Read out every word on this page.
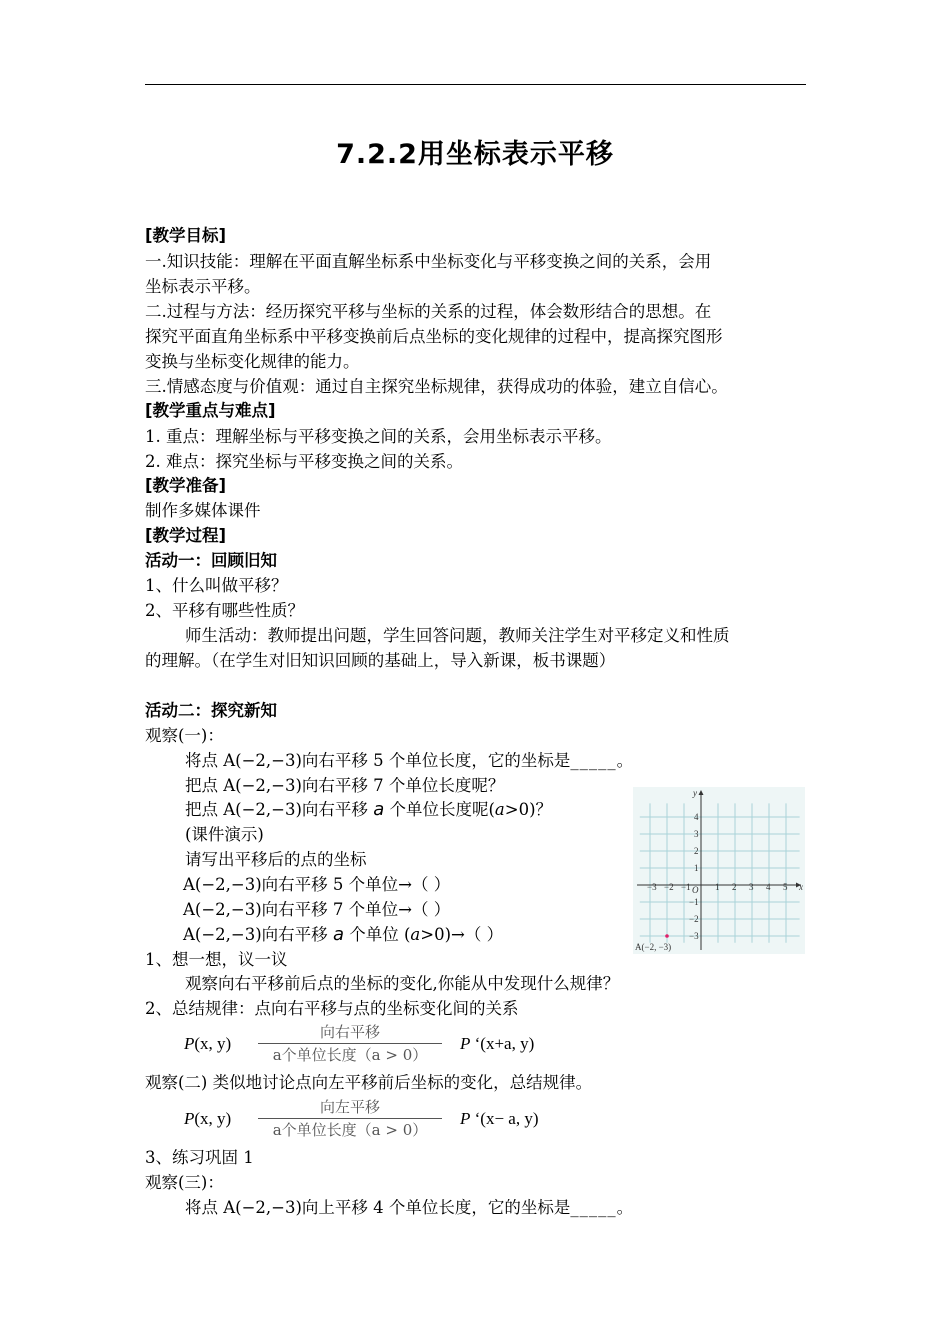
7.2.2用坐标表示平移
[教学目标]
一.知识技能：理解在平面直解坐标系中坐标变化与平移变换之间的关系，会用
坐标表示平移。
二.过程与方法：经历探究平移与坐标的关系的过程，体会数形结合的思想。在
探究平面直角坐标系中平移变换前后点坐标的变化规律的过程中，提高探究图形
变换与坐标变化规律的能力。
三.情感态度与价值观：通过自主探究坐标规律，获得成功的体验，建立自信心。
[教学重点与难点]
1. 重点：理解坐标与平移变换之间的关系，会用坐标表示平移。
2. 难点：探究坐标与平移变换之间的关系。
[教学准备]
制作多媒体课件
[教学过程]
活动一：回顾旧知
1、什么叫做平移？
2、平移有哪些性质？
师生活动：教师提出问题，学生回答问题，教师关注学生对平移定义和性质
的理解。（在学生对旧知识回顾的基础上，导入新课，板书课题）
活动二：探究新知
观察(一)：
将点 A(−2,−3)向右平移 5 个单位长度，它的坐标是_____。
把点 A(−2,−3)向右平移 7 个单位长度呢？
把点 A(−2,−3)向右平移 a 个单位长度呢(a>0)？
(课件演示)
请写出平移后的点的坐标
A(−2,−3)向右平移 5 个单位→（ ）
A(−2,−3)向右平移 7 个单位→（ ）
A(−2,−3)向右平移 a 个单位 (a>0)→（ ）
1、想一想，议一议
观察向右平移前后点的坐标的变化,你能从中发现什么规律？
2、总结规律：点向右平移与点的坐标变化间的关系
P(x, y)
向右平移
a个单位长度（a > 0）
P ‘(x+a, y)
观察(二) 类似地讨论点向左平移前后坐标的变化，总结规律。
P(x, y)
向左平移
a个单位长度（a > 0）
P ‘(x− a, y)
3、练习巩固 1
观察(三)：
将点 A(−2,−3)向上平移 4 个单位长度，它的坐标是_____。
−3 −2 −1	1 2 3 4 5
4
3
2
1
−1
−2
−3
x
y
O
A(−2, −3)
